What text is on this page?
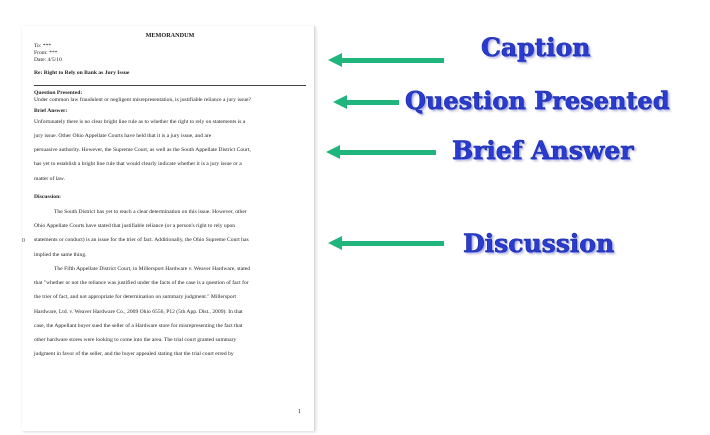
0
MEMORANDUM

To: ***

From: ***

Date: 4/5/10

Re: Right to Rely on Bank as Jury Issue

Question Presented:

Under common law fraudulent or negligent misrepresentation, is justifiable reliance a jury issue?

Brief Answer:

Unfortunately there is no clear bright line rule as to whether the right to rely on statements is a

jury issue. Other Ohio Appellate Courts have held that it is a jury issue, and are

persuasive authority. However, the Supreme Court, as well as the South Appellate District Court,

has yet to establish a bright line rule that would clearly indicate whether it is a jury issue or a

matter of law.

Discussion:

The South District has yet to reach a clear determination on this issue. However, other

Ohio Appellate Courts have stated that justifiable reliance (or a person's right to rely upon

statements or conduct) is an issue for the trier of fact. Additionally, the Ohio Supreme Court has

implied the same thing.

The Fifth Appellate District Court, in Millersport Hardware v. Weaver Hardware, stated

that "whether or not the reliance was justified under the facts of the case is a question of fact for

the trier of fact, and not appropriate for determination on summary judgment." Millersport

Hardware, Ltd. v. Weaver Hardware Co., 2009 Ohio 6556, P12 (5th App. Dist., 2009). In that

case, the Appellant buyer sued the seller of a Hardware store for misrepresenting the fact that

other hardware stores were looking to come into the area. The trial court granted summary

judgment in favor of the seller, and the buyer appealed stating that the trial court erred by

1
Caption
Question Presented
Brief Answer
Discussion
